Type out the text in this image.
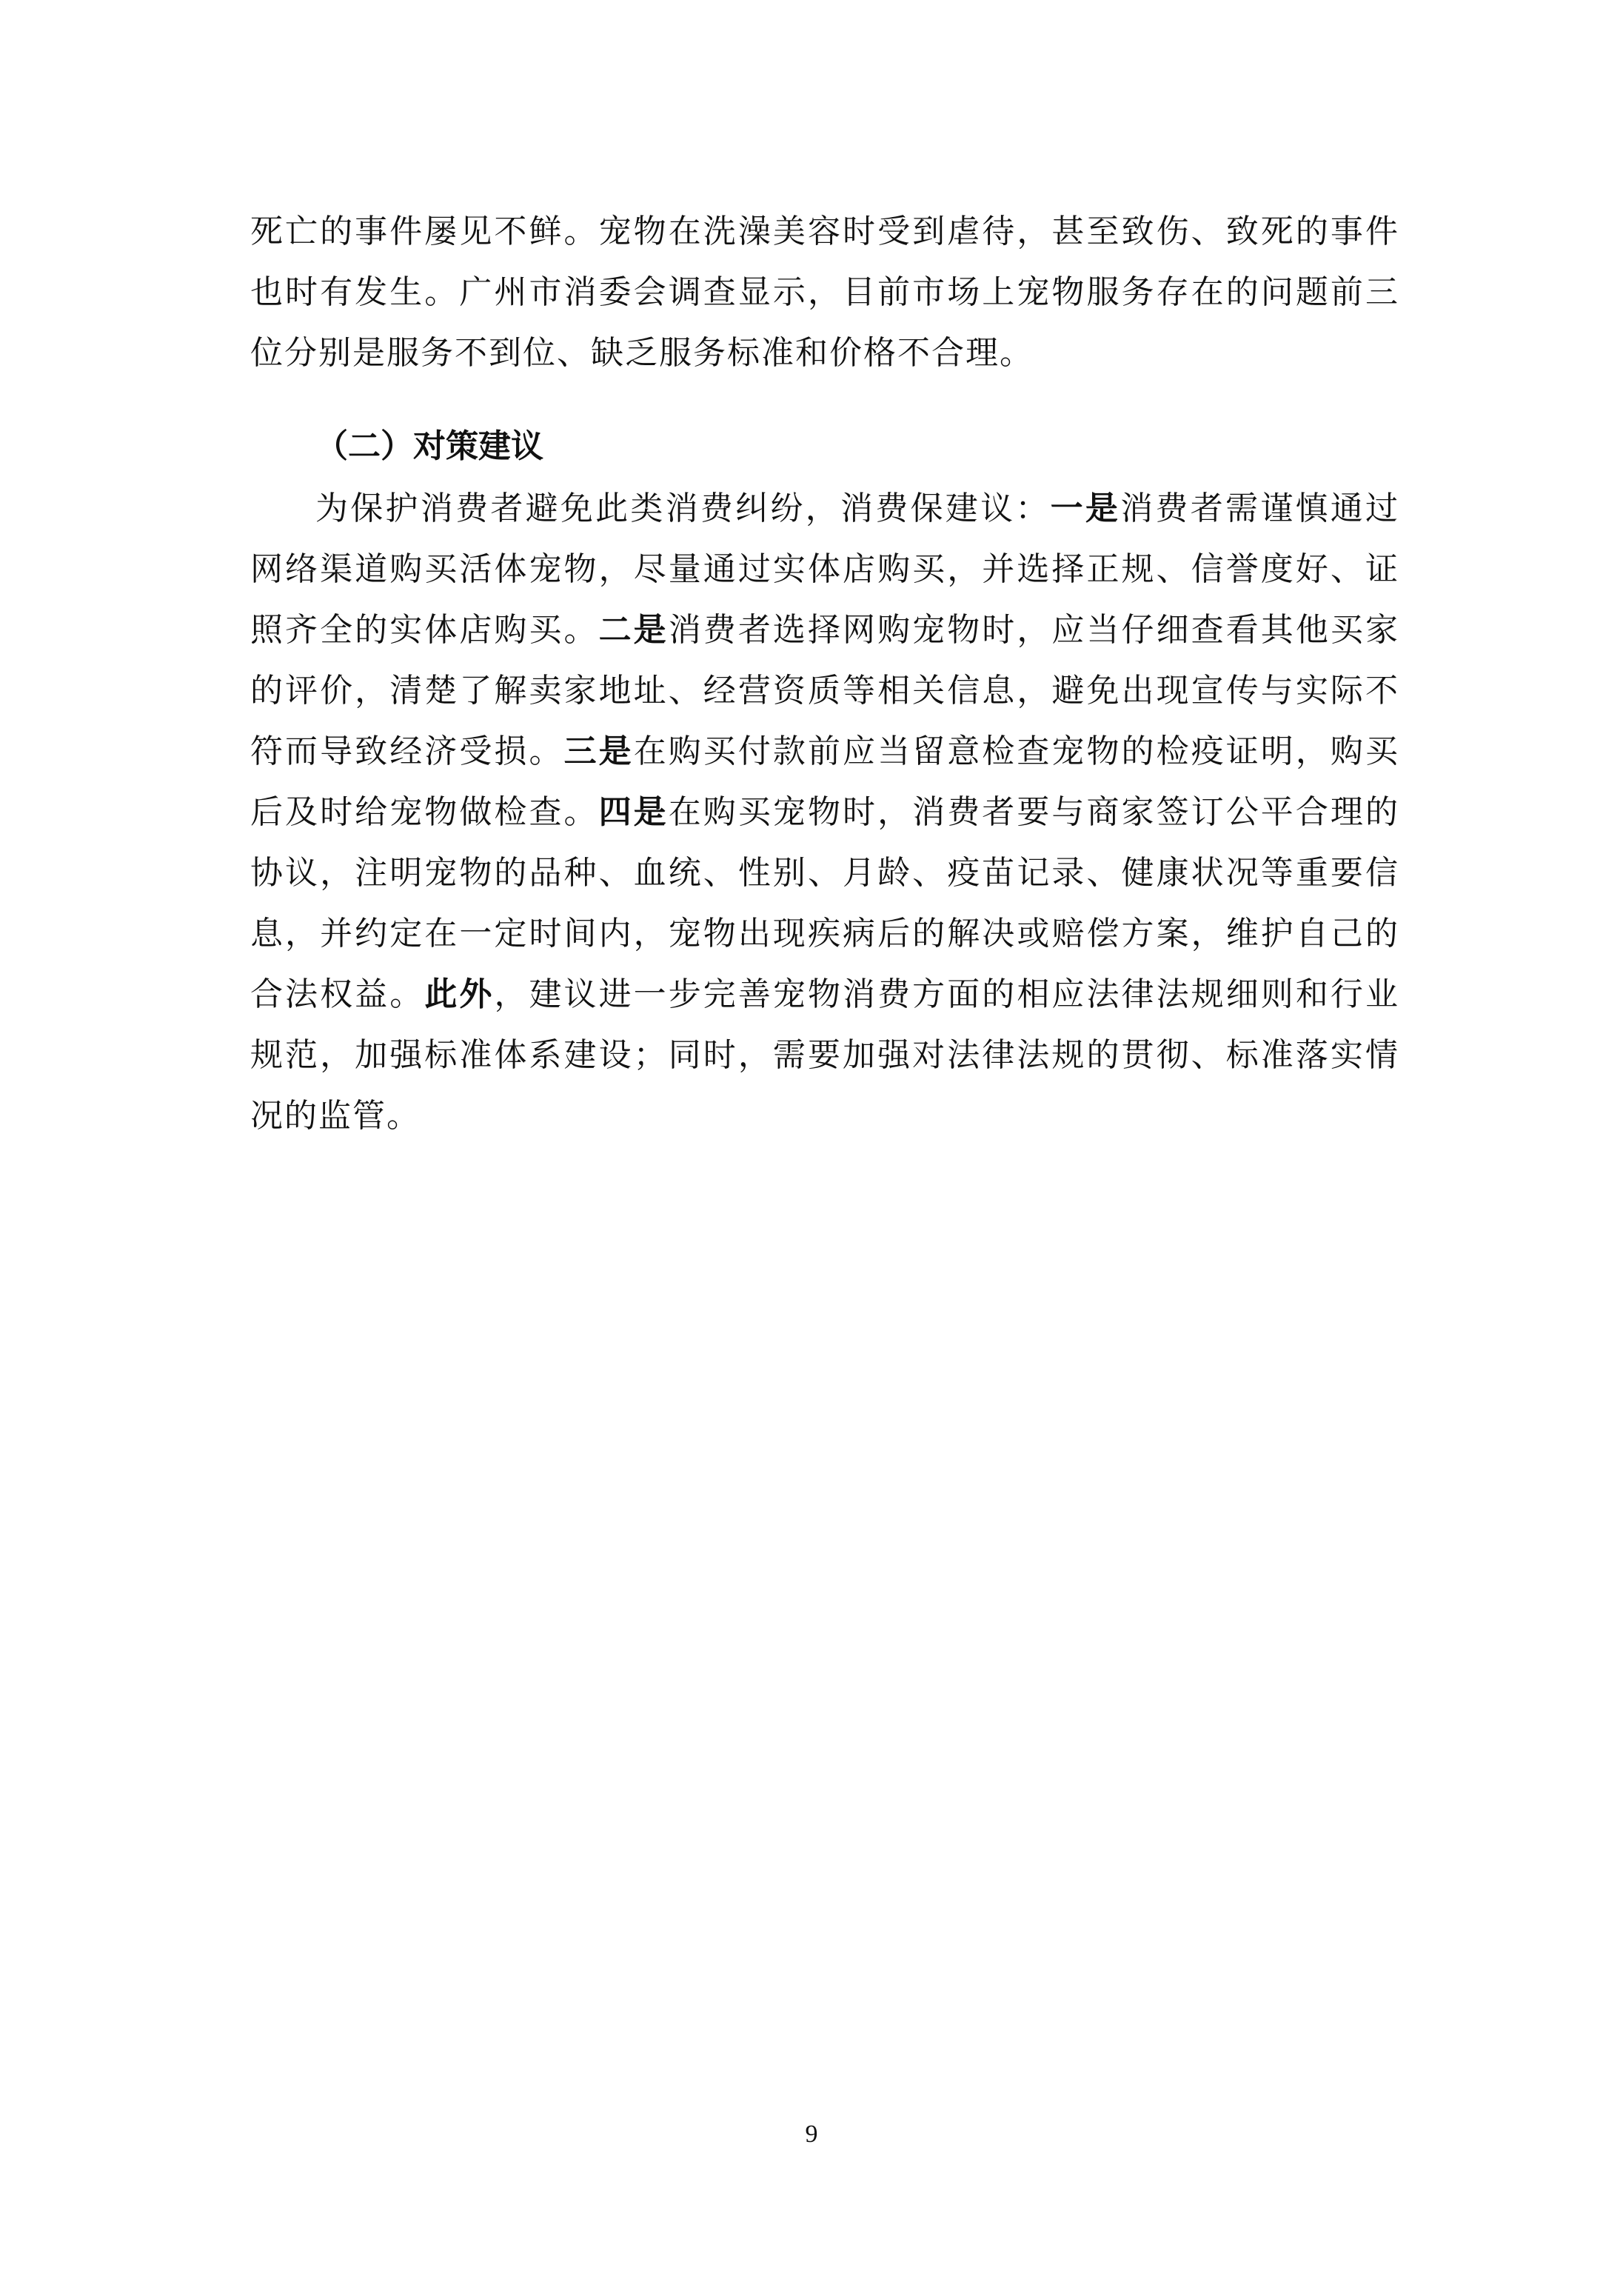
死亡的事件屡见不鲜。宠物在洗澡美容时受到虐待，甚至致伤、致死的事件也时有发生。广州市消委会调查显示，目前市场上宠物服务存在的问题前三位分别是服务不到位、缺乏服务标准和价格不合理。

（二）对策建议

为保护消费者避免此类消费纠纷，消费保建议：一是消费者需谨慎通过网络渠道购买活体宠物，尽量通过实体店购买，并选择正规、信誉度好、证照齐全的实体店购买。二是消费者选择网购宠物时，应当仔细查看其他买家的评价，清楚了解卖家地址、经营资质等相关信息，避免出现宣传与实际不符而导致经济受损。三是在购买付款前应当留意检查宠物的检疫证明，购买后及时给宠物做检查。四是在购买宠物时，消费者要与商家签订公平合理的协议，注明宠物的品种、血统、性别、月龄、疫苗记录、健康状况等重要信息，并约定在一定时间内，宠物出现疾病后的解决或赔偿方案，维护自己的合法权益。此外，建议进一步完善宠物消费方面的相应法律法规细则和行业规范，加强标准体系建设；同时，需要加强对法律法规的贯彻、标准落实情况的监管。

9
